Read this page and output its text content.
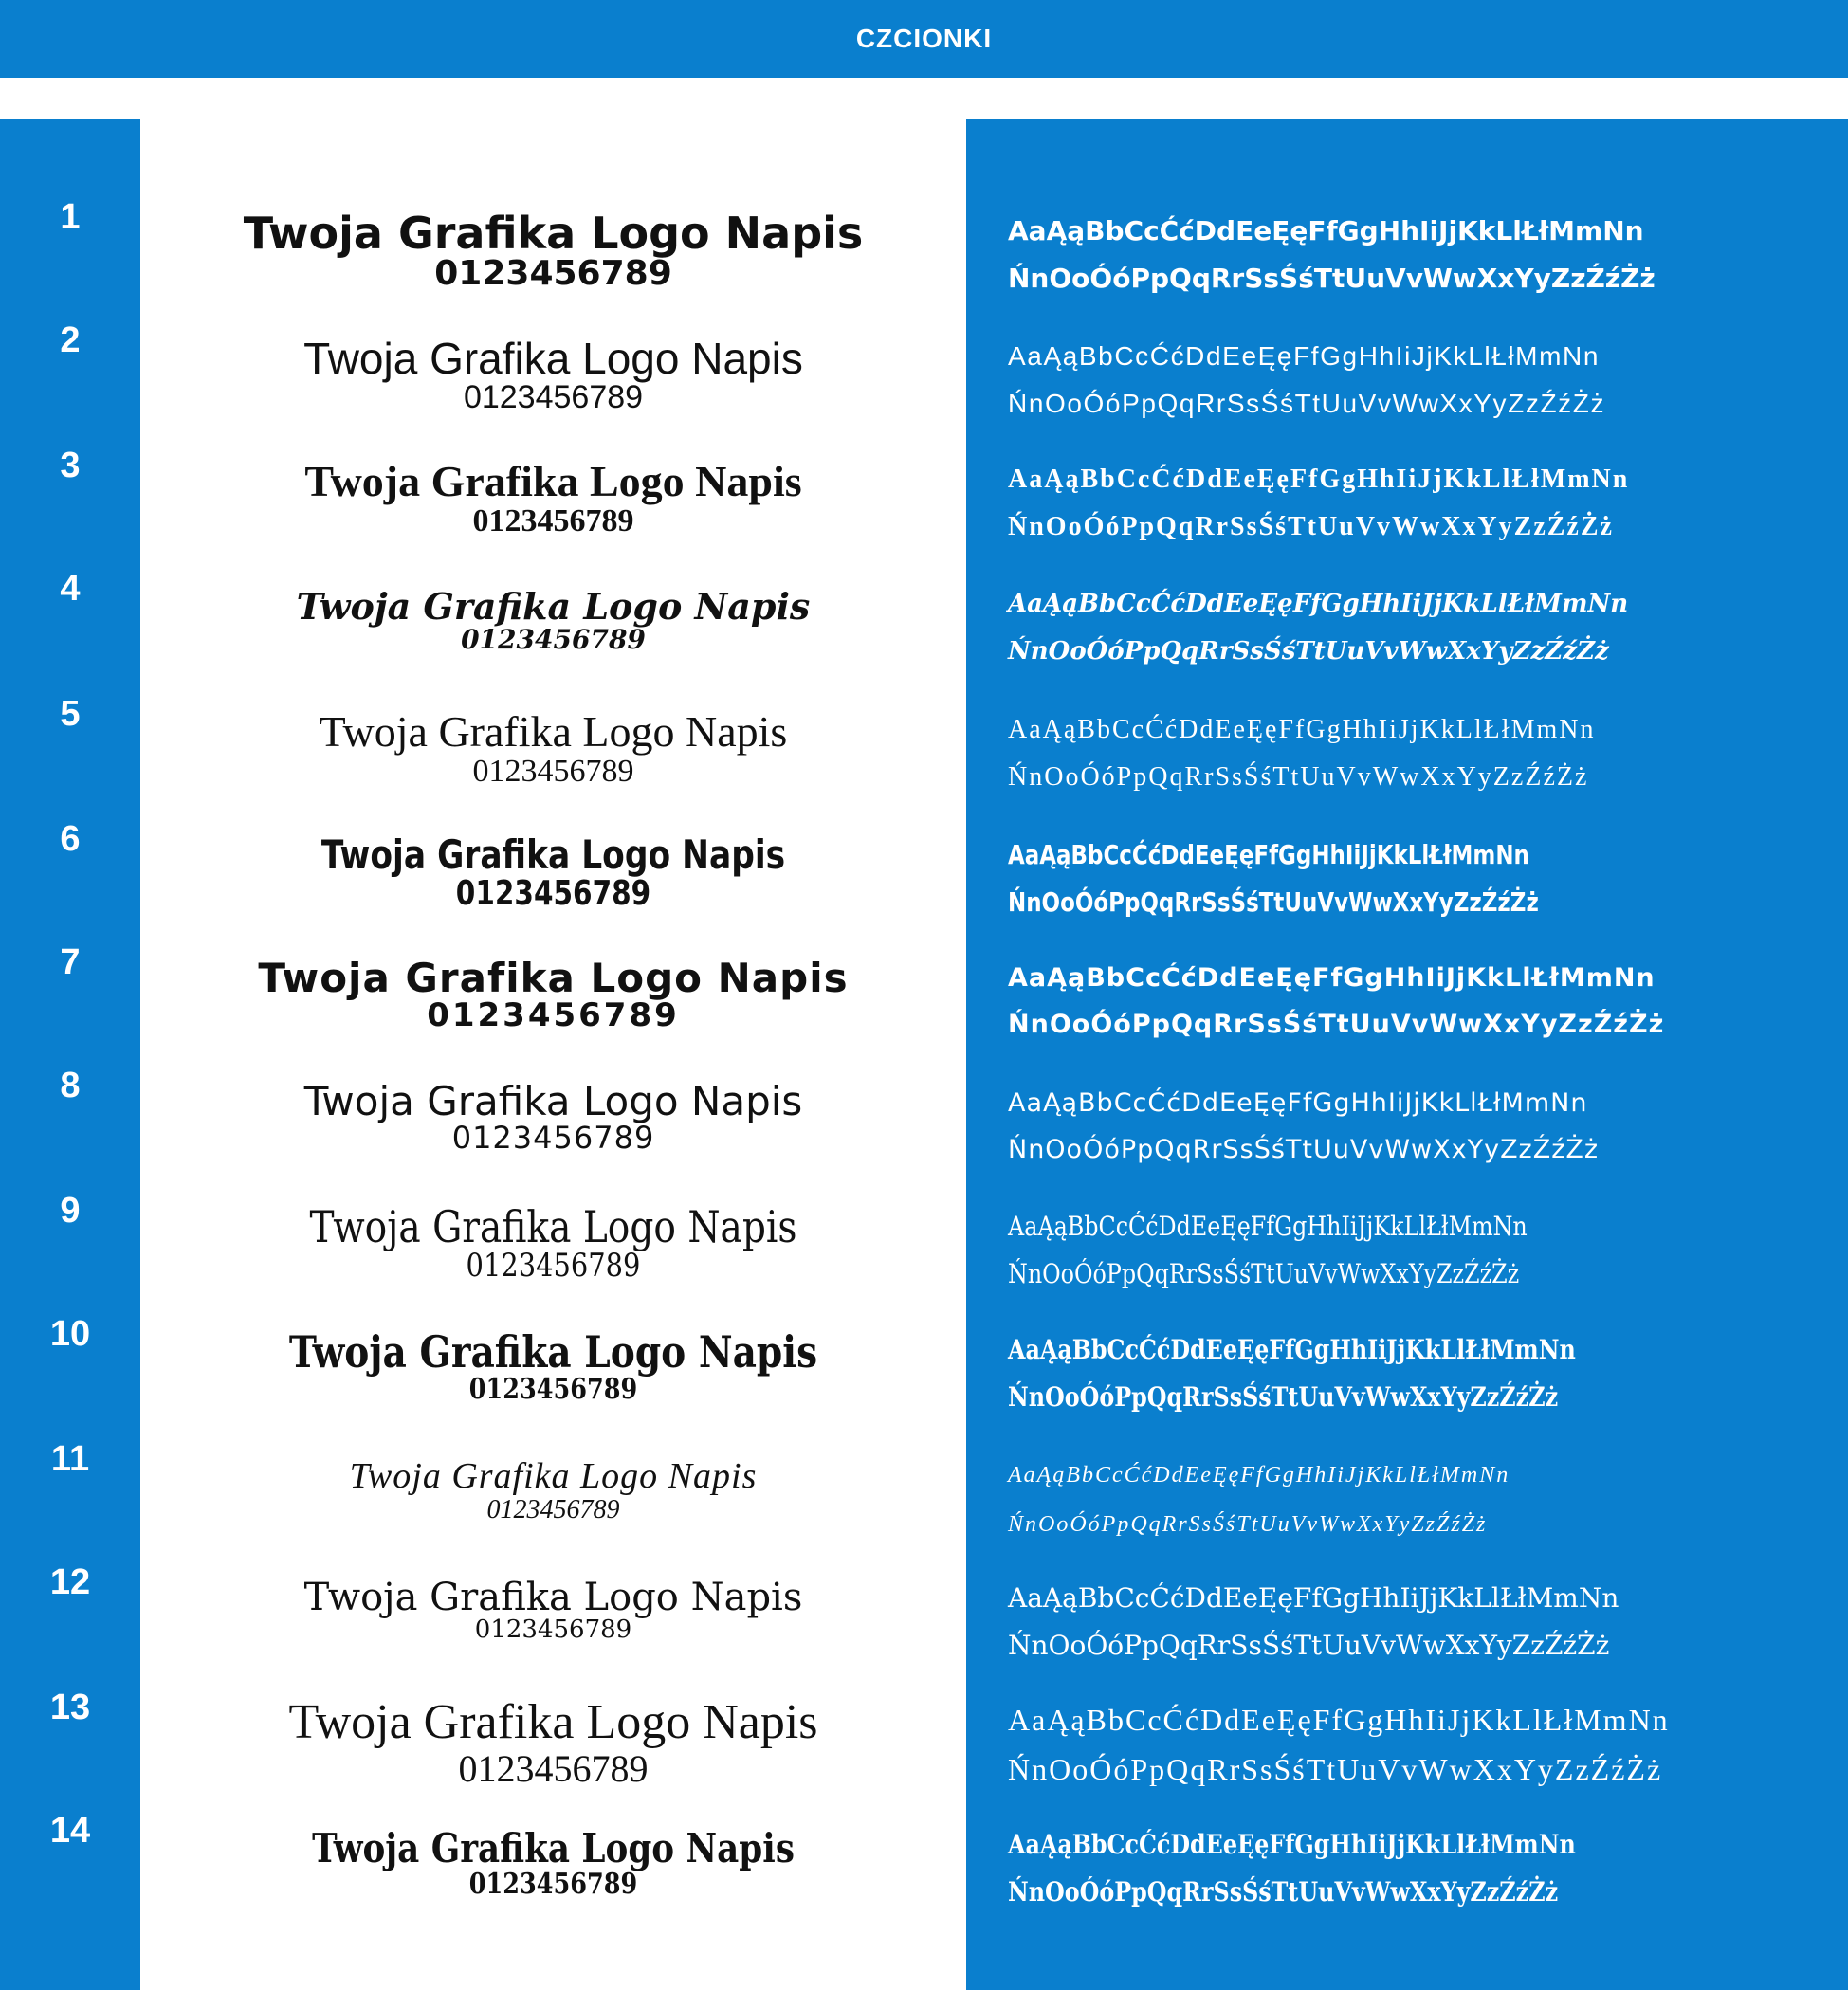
CZCIONKI
1	Twoja Grafika Logo Napis
0123456789
AaĄąBbCcĆćDdEeĘęFfGgHhIiJjKkLlŁłMmNn
ŃnOoÓóPpQqRrSsŚśTtUuVvWwXxYyZzŹźŻż
2	Twoja Grafika Logo Napis
0123456789
AaĄąBbCcĆćDdEeĘęFfGgHhIiJjKkLlŁłMmNn
ŃnOoÓóPpQqRrSsŚśTtUuVvWwXxYyZzŹźŻż
3	Twoja Grafika Logo Napis
0123456789
AaĄąBbCcĆćDdEeĘęFfGgHhIiJjKkLlŁłMmNn
ŃnOoÓóPpQqRrSsŚśTtUuVvWwXxYyZzŹźŻż
4	Twoja Grafika Logo Napis
0123456789
AaĄąBbCcĆćDdEeĘęFfGgHhIiJjKkLlŁłMmNn
ŃnOoÓóPpQqRrSsŚśTtUuVvWwXxYyZzŹźŻż
5	Twoja Grafika Logo Napis
0123456789
AaĄąBbCcĆćDdEeĘęFfGgHhIiJjKkLlŁłMmNn
ŃnOoÓóPpQqRrSsŚśTtUuVvWwXxYyZzŹźŻż
6	Twoja Grafika Logo Napis
0123456789
AaĄąBbCcĆćDdEeĘęFfGgHhIiJjKkLlŁłMmNn
ŃnOoÓóPpQqRrSsŚśTtUuVvWwXxYyZzŹźŻż
7	Twoja Grafika Logo Napis
0123456789
AaĄąBbCcĆćDdEeĘęFfGgHhIiJjKkLlŁłMmNn
ŃnOoÓóPpQqRrSsŚśTtUuVvWwXxYyZzŹźŻż
8	Twoja Grafika Logo Napis
0123456789
AaĄąBbCcĆćDdEeĘęFfGgHhIiJjKkLlŁłMmNn
ŃnOoÓóPpQqRrSsŚśTtUuVvWwXxYyZzŹźŻż
9	Twoja Grafika Logo Napis
0123456789
AaĄąBbCcĆćDdEeĘęFfGgHhIiJjKkLlŁłMmNn
ŃnOoÓóPpQqRrSsŚśTtUuVvWwXxYyZzŹźŻż
10	Twoja Grafika Logo Napis
0123456789
AaĄąBbCcĆćDdEeĘęFfGgHhIiJjKkLlŁłMmNn
ŃnOoÓóPpQqRrSsŚśTtUuVvWwXxYyZzŹźŻż
11	Twoja Grafika Logo Napis
0123456789
AaĄąBbCcĆćDdEeĘęFfGgHhIiJjKkLlŁłMmNn
ŃnOoÓóPpQqRrSsŚśTtUuVvWwXxYyZzŹźŻż
12	Twoja Grafika Logo Napis
0123456789
AaĄąBbCcĆćDdEeĘęFfGgHhIiJjKkLlŁłMmNn
ŃnOoÓóPpQqRrSsŚśTtUuVvWwXxYyZzŹźŻż
13	Twoja Grafika Logo Napis
0123456789
AaĄąBbCcĆćDdEeĘęFfGgHhIiJjKkLlŁłMmNn
ŃnOoÓóPpQqRrSsŚśTtUuVvWwXxYyZzŹźŻż
14	Twoja Grafika Logo Napis
0123456789
AaĄąBbCcĆćDdEeĘęFfGgHhIiJjKkLlŁłMmNn
ŃnOoÓóPpQqRrSsŚśTtUuVvWwXxYyZzŹźŻż
